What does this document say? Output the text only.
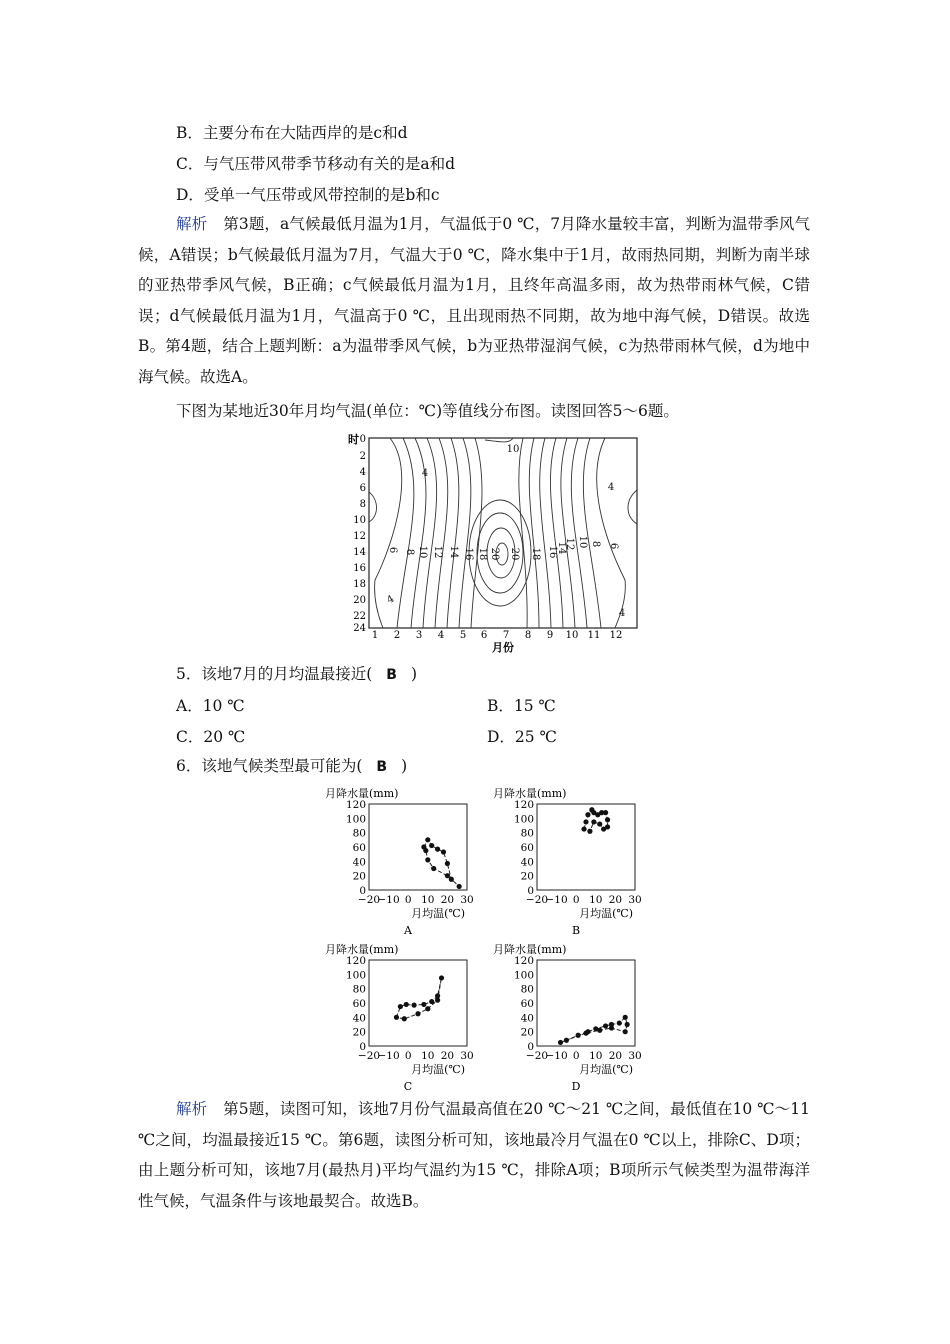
B．主要分布在大陆西岸的是c和d
C．与气压带风带季节移动有关的是a和d
D．受单一气压带或风带控制的是b和c
解析 第3题，a气候最低月温为1月，气温低于0 ℃，7月降水量较丰富，判断为温带季风气候，A错误；b气候最低月温为7月，气温大于0 ℃，降水集中于1月，故雨热同期，判断为南半球的亚热带季风气候，B正确；c气候最低月温为1月，且终年高温多雨，故为热带雨林气候，C错误；d气候最低月温为1月，气温高于0 ℃，且出现雨热不同期，故为地中海气候，D错误。故选B。第4题，结合上题判断：a为温带季风气候，b为亚热带湿润气候，c为热带雨林气候，d为地中海气候。故选A。
下图为某地近30年月均气温(单位：℃)等值线分布图。读图回答5～6题。
时 0
2
4
6
8
10
12
14
16
18
20
22
24
10
4
4
6 8 10 12 14 16 18 20 20 18 16
14
12 10 8 6
4
4
1 2 3 4 5 6 7 8 9 10 11 12
月份
5．该地7月的月均温最接近( B )
A．10 ℃	B．15 ℃
C．20 ℃	D．25 ℃
6．该地气候类型最可能为( B )
月降水量(mm)
120
100
80
60
40
20
0
−20
−10 0 10 20 30
月均温(℃)
A
月降水量(mm)
120
100
80
60
40
20
0
−20
−10 0 10 20 30
月均温(℃)
B
月降水量(mm)
120
100
80
60
40
20
0
−20
−10 0 10 20 30
月均温(℃)
C
月降水量(mm)
120
100
80
60
40
20
0
−20
−10 0 10 20 30
月均温(℃)
D
解析 第5题，读图可知，该地7月份气温最高值在20 ℃～21 ℃之间，最低值在10 ℃～11 ℃之间，均温最接近15 ℃。第6题，读图分析可知，该地最冷月气温在0 ℃以上，排除C、D项；由上题分析可知，该地7月(最热月)平均气温约为15 ℃，排除A项；B项所示气候类型为温带海洋性气候，气温条件与该地最契合。故选B。
